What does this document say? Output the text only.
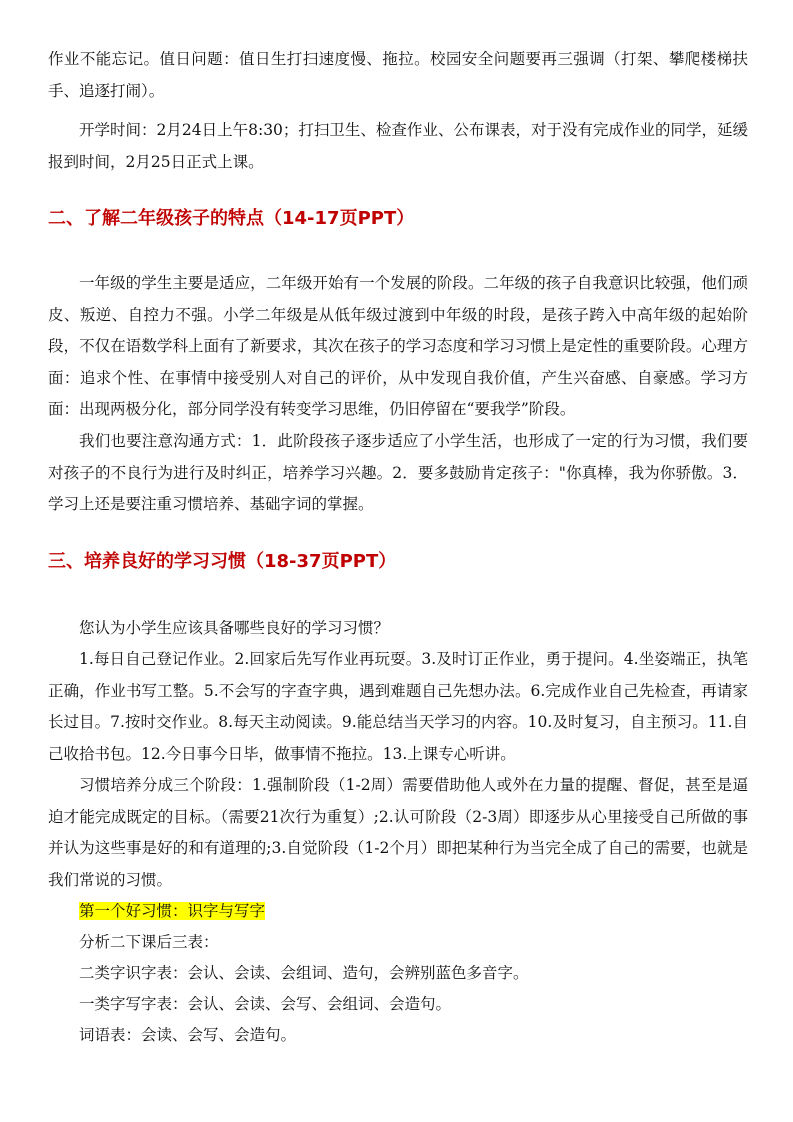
作业不能忘记。值日问题：值日生打扫速度慢、拖拉。校园安全问题要再三强调（打架、攀爬楼梯扶手、追逐打闹）。

开学时间：2月24日上午8:30；打扫卫生、检查作业、公布课表，对于没有完成作业的同学，延缓报到时间，2月25日正式上课。

二、了解二年级孩子的特点（14-17页PPT）

一年级的学生主要是适应，二年级开始有一个发展的阶段。二年级的孩子自我意识比较强，他们顽皮、叛逆、自控力不强。小学二年级是从低年级过渡到中年级的时段，是孩子跨入中高年级的起始阶段，不仅在语数学科上面有了新要求，其次在孩子的学习态度和学习习惯上是定性的重要阶段。心理方面：追求个性、在事情中接受别人对自己的评价，从中发现自我价值，产生兴奋感、自豪感。学习方面：出现两极分化，部分同学没有转变学习思维，仍旧停留在“要我学”阶段。

我们也要注意沟通方式：1．此阶段孩子逐步适应了小学生活，也形成了一定的行为习惯，我们要对孩子的不良行为进行及时纠正，培养学习兴趣。2．要多鼓励肯定孩子："你真棒，我为你骄傲。3．学习上还是要注重习惯培养、基础字词的掌握。

三、培养良好的学习习惯（18-37页PPT）

您认为小学生应该具备哪些良好的学习习惯？

1.每日自己登记作业。2.回家后先写作业再玩耍。3.及时订正作业，勇于提问。4.坐姿端正，执笔正确，作业书写工整。5.不会写的字查字典，遇到难题自己先想办法。6.完成作业自己先检查，再请家长过目。7.按时交作业。8.每天主动阅读。9.能总结当天学习的内容。10.及时复习，自主预习。11.自己收拾书包。12.今日事今日毕，做事情不拖拉。13.上课专心听讲。

习惯培养分成三个阶段：1.强制阶段（1-2周）需要借助他人或外在力量的提醒、督促，甚至是逼迫才能完成既定的目标。（需要21次行为重复）;2.认可阶段（2-3周）即逐步从心里接受自己所做的事并认为这些事是好的和有道理的;3.自觉阶段（1-2个月）即把某种行为当完全成了自己的需要，也就是我们常说的习惯。

第一个好习惯：识字与写字

分析二下课后三表：

二类字识字表：会认、会读、会组词、造句，会辨别蓝色多音字。

一类字写字表：会认、会读、会写、会组词、会造句。

词语表：会读、会写、会造句。
